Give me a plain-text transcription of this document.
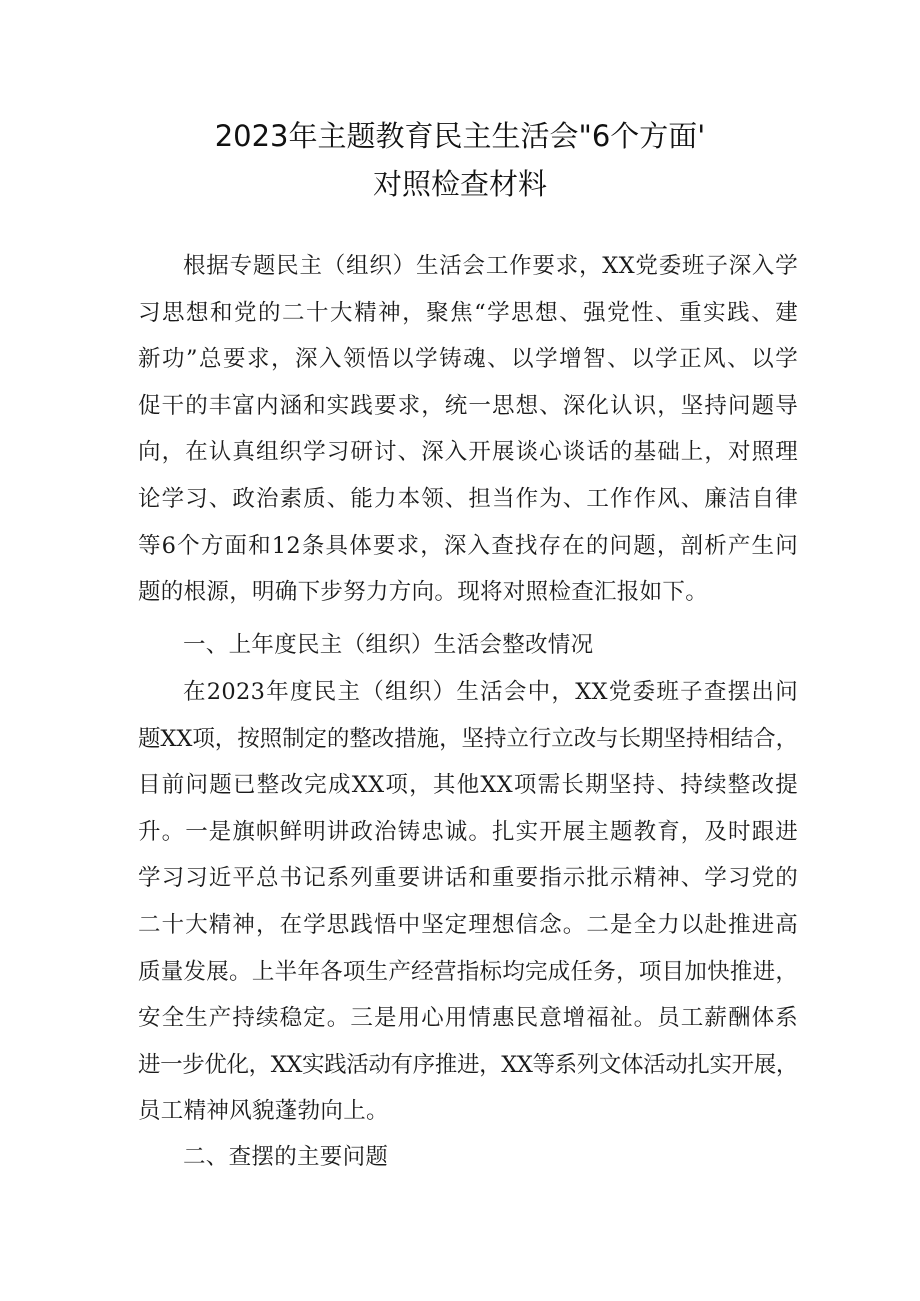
2023年主题教育民主生活会"6个方面'
对照检查材料
根据专题民主（组织）生活会工作要求，XX党委班子深入学
习思想和党的二十大精神，聚焦“学思想、强党性、重实践、建
新功”总要求，深入领悟以学铸魂、以学增智、以学正风、以学
促干的丰富内涵和实践要求，统一思想、深化认识，坚持问题导
向，在认真组织学习研讨、深入开展谈心谈话的基础上，对照理
论学习、政治素质、能力本领、担当作为、工作作风、廉洁自律
等6个方面和12条具体要求，深入查找存在的问题，剖析产生问
题的根源，明确下步努力方向。现将对照检查汇报如下。
一、上年度民主（组织）生活会整改情况
在2023年度民主（组织）生活会中，XX党委班子查摆出问
题XX项，按照制定的整改措施，坚持立行立改与长期坚持相结合，
目前问题已整改完成XX项，其他XX项需长期坚持、持续整改提
升。一是旗帜鲜明讲政治铸忠诚。扎实开展主题教育，及时跟进
学习习近平总书记系列重要讲话和重要指示批示精神、学习党的
二十大精神，在学思践悟中坚定理想信念。二是全力以赴推进高
质量发展。上半年各项生产经营指标均完成任务，项目加快推进，
安全生产持续稳定。三是用心用情惠民意增福祉。员工薪酬体系
进一步优化，XX实践活动有序推进，XX等系列文体活动扎实开展，
员工精神风貌蓬勃向上。
二、查摆的主要问题
